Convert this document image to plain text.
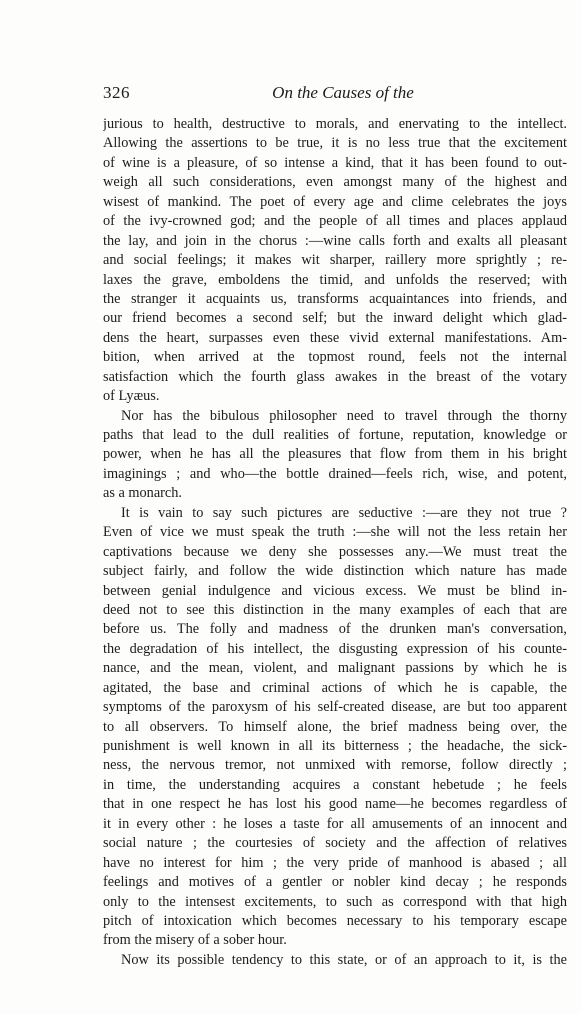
326	On the Causes of the
jurious to health, destructive to morals, and enervating to the intellect.
Allowing the assertions to be true, it is no less true that the excitement
of wine is a pleasure, of so intense a kind, that it has been found to out-
weigh all such considerations, even amongst many of the highest and
wisest of mankind. The poet of every age and clime celebrates the joys
of the ivy-crowned god; and the people of all times and places applaud
the lay, and join in the chorus :—wine calls forth and exalts all pleasant
and social feelings; it makes wit sharper, raillery more sprightly ; re-
laxes the grave, emboldens the timid, and unfolds the reserved; with
the stranger it acquaints us, transforms acquaintances into friends, and
our friend becomes a second self; but the inward delight which glad-
dens the heart, surpasses even these vivid external manifestations. Am-
bition, when arrived at the topmost round, feels not the internal
satisfaction which the fourth glass awakes in the breast of the votary
of Lyæus.
Nor has the bibulous philosopher need to travel through the thorny
paths that lead to the dull realities of fortune, reputation, knowledge or
power, when he has all the pleasures that flow from them in his bright
imaginings ; and who—the bottle drained—feels rich, wise, and potent,
as a monarch.
It is vain to say such pictures are seductive :—are they not true ?
Even of vice we must speak the truth :—she will not the less retain her
captivations because we deny she possesses any.—We must treat the
subject fairly, and follow the wide distinction which nature has made
between genial indulgence and vicious excess. We must be blind in-
deed not to see this distinction in the many examples of each that are
before us. The folly and madness of the drunken man's conversation,
the degradation of his intellect, the disgusting expression of his counte-
nance, and the mean, violent, and malignant passions by which he is
agitated, the base and criminal actions of which he is capable, the
symptoms of the paroxysm of his self-created disease, are but too apparent
to all observers. To himself alone, the brief madness being over, the
punishment is well known in all its bitterness ; the headache, the sick-
ness, the nervous tremor, not unmixed with remorse, follow directly ;
in time, the understanding acquires a constant hebetude ; he feels
that in one respect he has lost his good name—he becomes regardless of
it in every other : he loses a taste for all amusements of an innocent and
social nature ; the courtesies of society and the affection of relatives
have no interest for him ; the very pride of manhood is abased ; all
feelings and motives of a gentler or nobler kind decay ; he responds
only to the intensest excitements, to such as correspond with that high
pitch of intoxication which becomes necessary to his temporary escape
from the misery of a sober hour.
Now its possible tendency to this state, or of an approach to it, is the
